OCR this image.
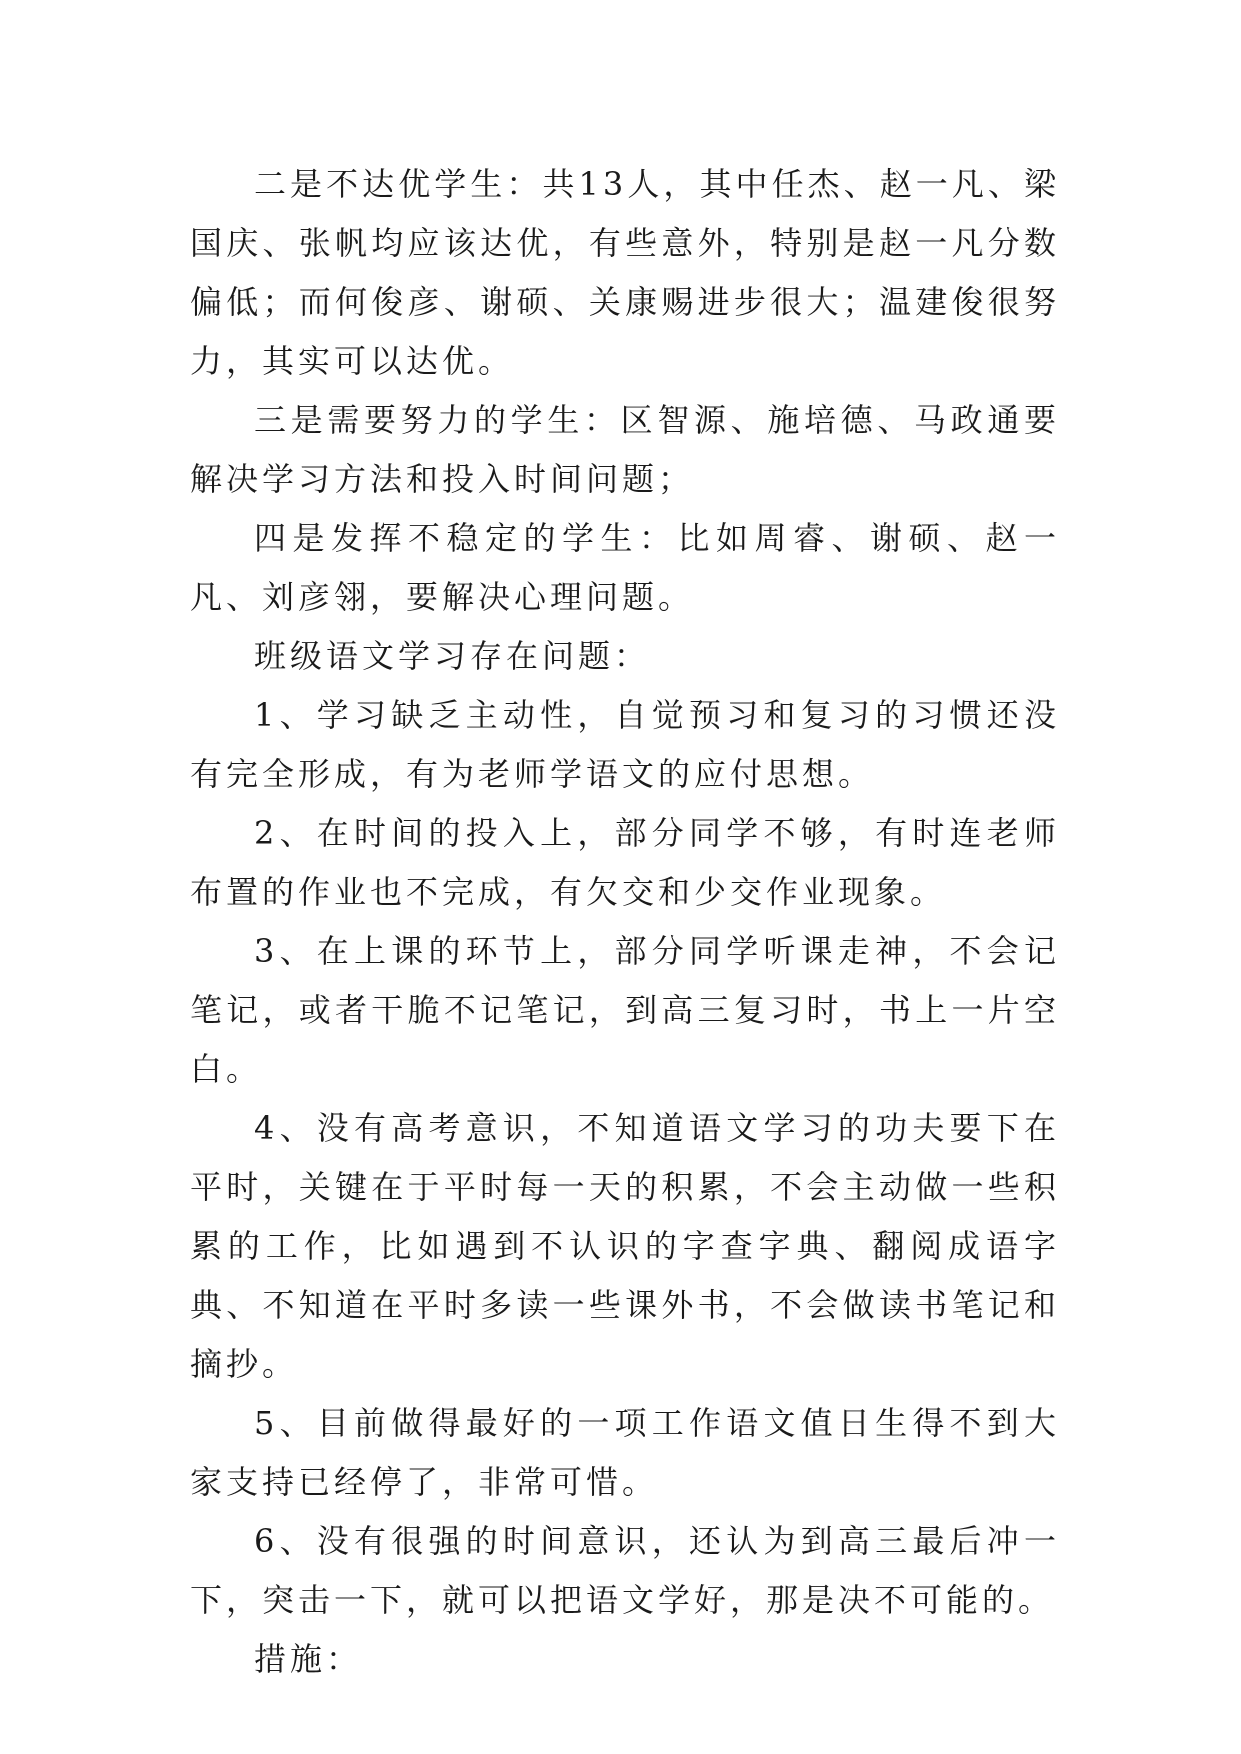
二是不达优学生：共13人，其中任杰、赵一凡、梁国庆、张帆均应该达优，有些意外，特别是赵一凡分数偏低；而何俊彦、谢硕、关康赐进步很大；温建俊很努力，其实可以达优。

三是需要努力的学生：区智源、施培德、马政通要解决学习方法和投入时间问题；

四是发挥不稳定的学生：比如周睿、谢硕、赵一凡、刘彦翎，要解决心理问题。

班级语文学习存在问题：

1、学习缺乏主动性，自觉预习和复习的习惯还没有完全形成，有为老师学语文的应付思想。

2、在时间的投入上，部分同学不够，有时连老师布置的作业也不完成，有欠交和少交作业现象。

3、在上课的环节上，部分同学听课走神，不会记笔记，或者干脆不记笔记，到高三复习时，书上一片空白。

4、没有高考意识，不知道语文学习的功夫要下在平时，关键在于平时每一天的积累，不会主动做一些积累的工作，比如遇到不认识的字查字典、翻阅成语字典、不知道在平时多读一些课外书，不会做读书笔记和摘抄。

5、目前做得最好的一项工作语文值日生得不到大家支持已经停了，非常可惜。

6、没有很强的时间意识，还认为到高三最后冲一下，突击一下，就可以把语文学好，那是决不可能的。

措施：
